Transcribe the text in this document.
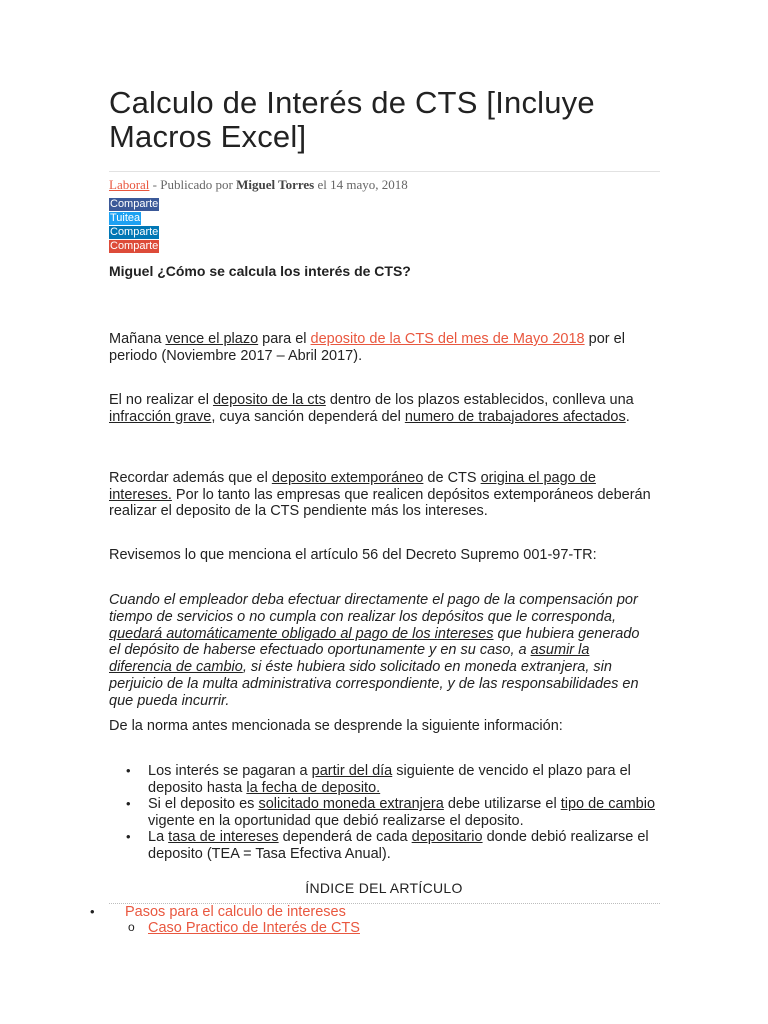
Calculo de Interés de CTS [Incluye Macros Excel]
Laboral - Publicado por Miguel Torres el 14 mayo, 2018
Comparte
Tuitea
Comparte
Comparte
Miguel ¿Cómo se calcula los interés de CTS?

Mañana vence el plazo para el deposito de la CTS del mes de Mayo 2018 por el periodo (Noviembre 2017 – Abril 2017).

El no realizar el deposito de la cts dentro de los plazos establecidos, conlleva una infracción grave, cuya sanción dependerá del numero de trabajadores afectados.

Recordar además que el deposito extemporáneo de CTS origina el pago de intereses. Por lo tanto las empresas que realicen depósitos extemporáneos deberán realizar el deposito de la CTS pendiente más los intereses.

Revisemos lo que menciona el artículo 56 del Decreto Supremo 001-97-TR:

Cuando el empleador deba efectuar directamente el pago de la compensación por tiempo de servicios o no cumpla con realizar los depósitos que le corresponda, quedará automáticamente obligado al pago de los intereses que hubiera generado el depósito de haberse efectuado oportunamente y en su caso, a asumir la diferencia de cambio, si éste hubiera sido solicitado en moneda extranjera, sin perjuicio de la multa administrativa correspondiente, y de las responsabilidades en que pueda incurrir.

De la norma antes mencionada se desprende la siguiente información:

• Los interés se pagaran a partir del día siguiente de vencido el plazo para el deposito hasta la fecha de deposito.
• Si el deposito es solicitado moneda extranjera debe utilizarse el tipo de cambio vigente en la oportunidad que debió realizarse el deposito.
• La tasa de intereses dependerá de cada depositario donde debió realizarse el deposito (TEA = Tasa Efectiva Anual).
ÍNDICE DEL ARTÍCULO
• Pasos para el calculo de intereses
o Caso Practico de Interés de CTS
